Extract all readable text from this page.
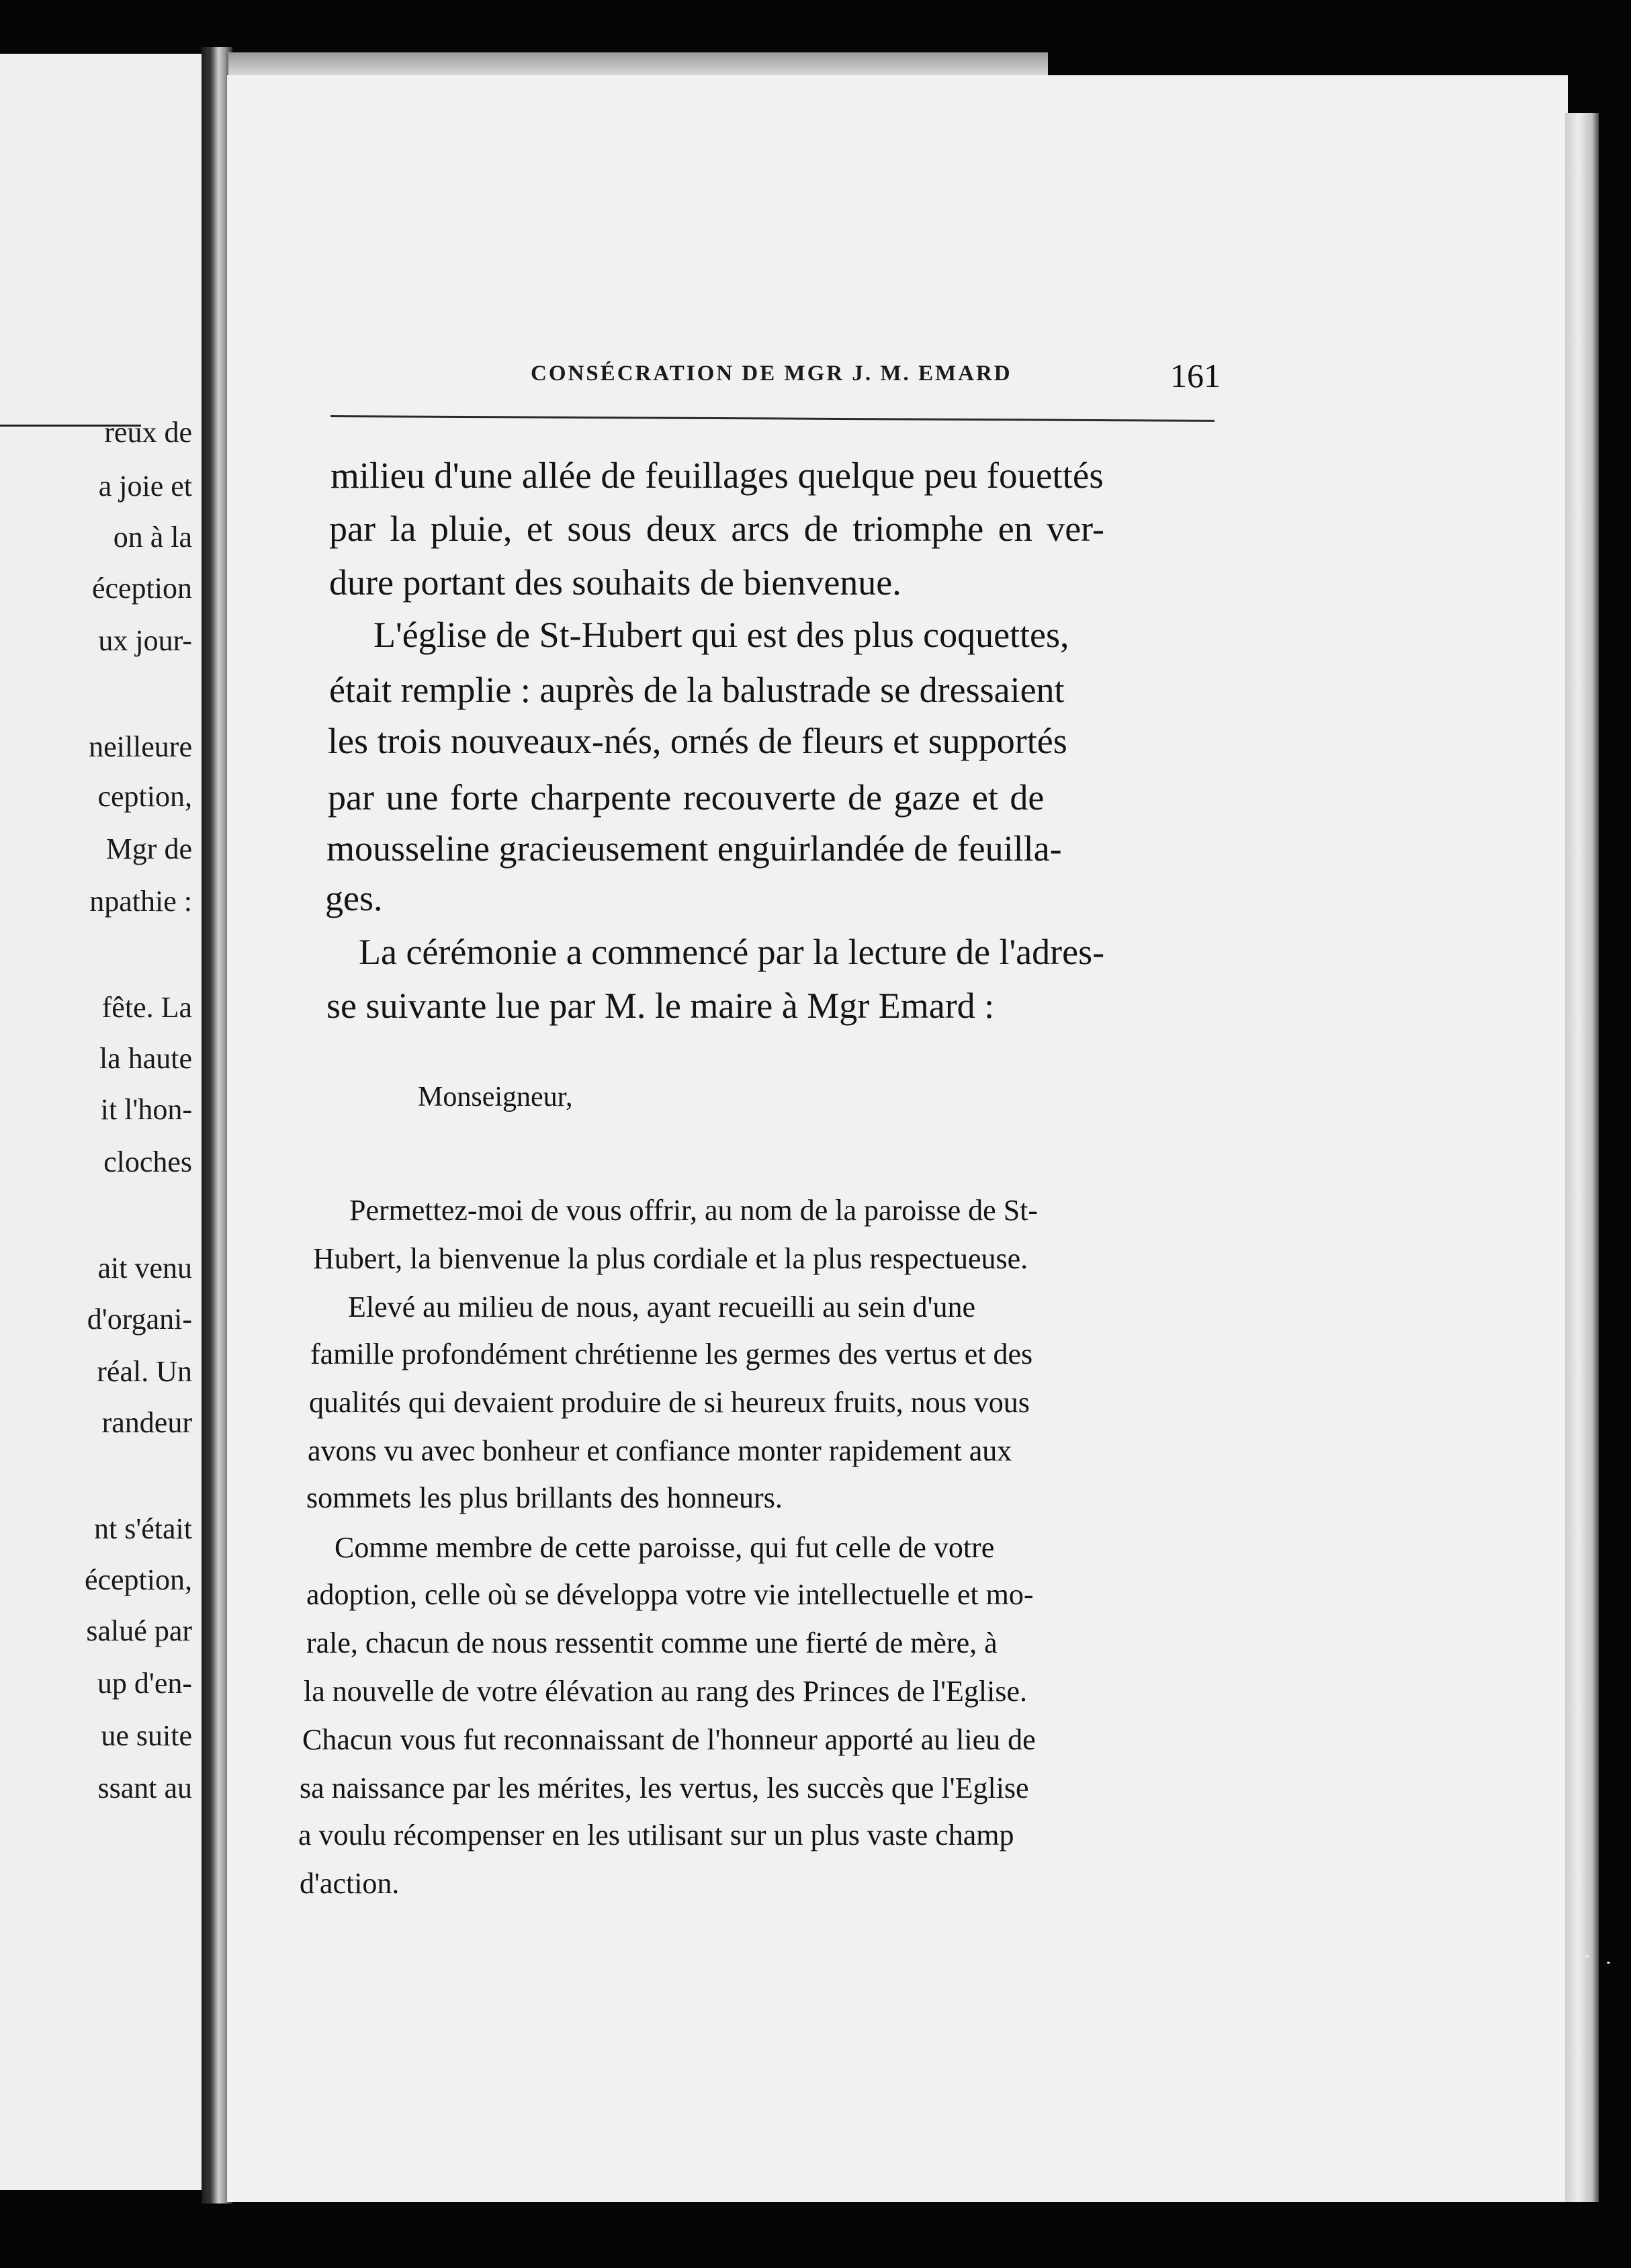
reux de
a joie et
on à la
éception
ux jour-
neilleure
ception,
Mgr de
npathie :
fête. La
la haute
it l'hon-
cloches
ait venu
d'organi-
réal. Un
randeur
nt s'était
éception,
salué par
up d'en-
ue suite
ssant au
CONSÉCRATION DE MGR J. M. EMARD	161
milieu d'une allée de feuillages quelque peu fouettés
par la pluie, et sous deux arcs de triomphe en ver-
dure portant des souhaits de bienvenue.
L'église de St-Hubert qui est des plus coquettes,
était remplie : auprès de la balustrade se dressaient
les trois nouveaux-nés, ornés de fleurs et supportés
par une forte charpente recouverte de gaze et de
mousseline gracieusement enguirlandée de feuilla-
ges.
La cérémonie a commencé par la lecture de l'adres-
se suivante lue par M. le maire à Mgr Emard :
Monseigneur,
Permettez-moi de vous offrir, au nom de la paroisse de St-
Hubert, la bienvenue la plus cordiale et la plus respectueuse.
Elevé au milieu de nous, ayant recueilli au sein d'une
famille profondément chrétienne les germes des vertus et des
qualités qui devaient produire de si heureux fruits, nous vous
avons vu avec bonheur et confiance monter rapidement aux
sommets les plus brillants des honneurs.
Comme membre de cette paroisse, qui fut celle de votre
adoption, celle où se développa votre vie intellectuelle et mo-
rale, chacun de nous ressentit comme une fierté de mère, à
la nouvelle de votre élévation au rang des Princes de l'Eglise.
Chacun vous fut reconnaissant de l'honneur apporté au lieu de
sa naissance par les mérites, les vertus, les succès que l'Eglise
a voulu récompenser en les utilisant sur un plus vaste champ
d'action.
